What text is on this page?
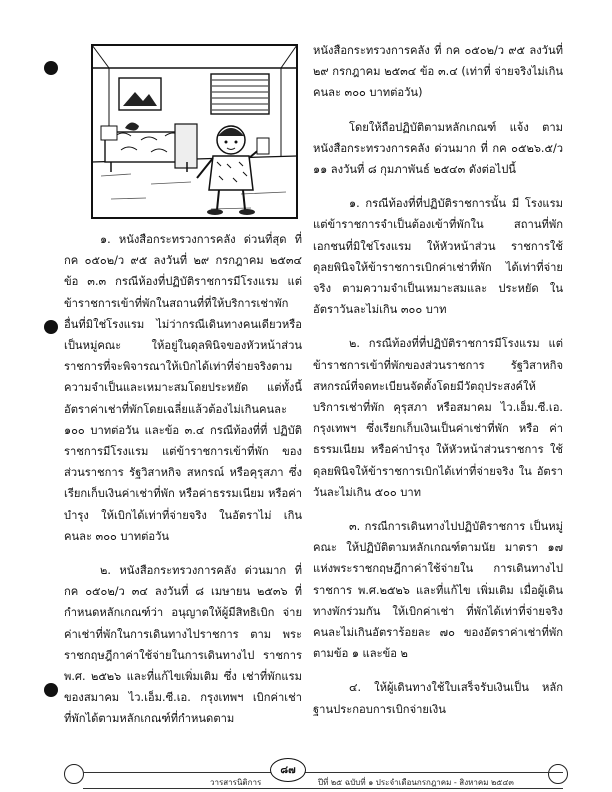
๑. หนังสือกระทรวงการคลัง ด่วนที่สุด ที่ กค ๐๕๐๒/ว ๙๕ ลงวันที่ ๒๙ กรกฎาคม ๒๕๓๔ ข้อ ๓.๓ กรณีห้องที่ปฏิบัติราชการมีโรงแรม แต่ข้าราชการเข้าที่พักในสถานที่ที่ให้บริการเช่าพัก อื่นที่มิใช่โรงแรม ไม่ว่ากรณีเดินทางคนเดียวหรือ เป็นหมู่คณะ ให้อยู่ในดุลพินิจของหัวหน้าส่วน ราชการที่จะพิจารณาให้เบิกได้เท่าที่จ่ายจริงตาม ความจำเป็นและเหมาะสมโดยประหยัด แต่ทั้งนี้ อัตราค่าเช่าที่พักโดยเฉลี่ยแล้วต้องไม่เกินคนละ ๑๐๐ บาทต่อวัน และข้อ ๓.๔ กรณีท้องที่ที่ ปฏิบัติราชการมีโรงแรม แต่ข้าราชการเข้าที่พัก ของส่วนราชการ รัฐวิสาหกิจ สหกรณ์ หรือคุรุสภา ซึ่งเรียกเก็บเงินค่าเช่าที่พัก หรือค่าธรรมเนียม หรือค่าบำรุง ให้เบิกได้เท่าที่จ่ายจริง ในอัตราไม่ เกินคนละ ๓๐๐ บาทต่อวัน

๒. หนังสือกระทรวงการคลัง ด่วนมาก ที่ กค ๐๕๐๒/ว ๓๔ ลงวันที่ ๘ เมษายน ๒๕๓๖ ที่กำหนดหลักเกณฑ์ว่า อนุญาตให้ผู้มีสิทธิเบิก จ่ายค่าเช่าที่พักในการเดินทางไปราชการ ตาม พระราชกฤษฎีกาค่าใช้จ่ายในการเดินทางไป ราชการ พ.ศ. ๒๕๒๖ และที่แก้ไขเพิ่มเติม ซึ่ง เช่าที่พักแรมของสมาคม ไว.เอ็ม.ซี.เอ. กรุงเทพฯ เบิกค่าเช่าที่พักได้ตามหลักเกณฑ์ที่กำหนดตาม

หนังสือกระทรวงการคลัง ที่ กค ๐๕๐๒/ว ๙๕ ลงวันที่ ๒๙ กรกฎาคม ๒๕๓๔ ข้อ ๓.๔ (เท่าที่ จ่ายจริงไม่เกินคนละ ๓๐๐ บาทต่อวัน)

โดยให้ถือปฏิบัติตามหลักเกณฑ์ แจ้ง ตามหนังสือกระทรวงการคลัง ด่วนมาก ที่ กค ๐๕๒๖.๕/ว ๑๑ ลงวันที่ ๘ กุมภาพันธ์ ๒๕๔๓ ดังต่อไปนี้

๑. กรณีท้องที่ที่ปฏิบัติราชการนั้น มี โรงแรม แต่ข้าราชการจำเป็นต้องเข้าที่พักใน สถานที่พักเอกชนที่มิใช่โรงแรม ให้หัวหน้าส่วน ราชการใช้ดุลยพินิจให้ข้าราชการเบิกค่าเช่าที่พัก ได้เท่าที่จ่ายจริง ตามความจำเป็นเหมาะสมและ ประหยัด ในอัตราวันละไม่เกิน ๓๐๐ บาท

๒. กรณีท้องที่ที่ปฏิบัติราชการมีโรงแรม แต่ข้าราชการเข้าที่พักของส่วนราชการ รัฐวิสาหกิจ สหกรณ์ที่จดทะเบียนจัดตั้งโดยมีวัตถุประสงค์ให้ บริการเช่าที่พัก คุรุสภา หรือสมาคม ไว.เอ็ม.ซี.เอ. กรุงเทพฯ ซึ่งเรียกเก็บเงินเป็นค่าเช่าที่พัก หรือ ค่าธรรมเนียม หรือค่าบำรุง ให้หัวหน้าส่วนราชการ ใช้ดุลยพินิจให้ข้าราชการเบิกได้เท่าที่จ่ายจริง ใน อัตราวันละไม่เกิน ๕๐๐ บาท

๓. กรณีการเดินทางไปปฏิบัติราชการ เป็นหมู่คณะ ให้ปฏิบัติตามหลักเกณฑ์ตามนัย มาตรา ๑๗ แห่งพระราชกฤษฎีกาค่าใช้จ่ายใน การเดินทางไปราชการ พ.ศ.๒๕๒๖ และที่แก้ไข เพิ่มเติม เมื่อผู้เดินทางพักร่วมกัน ให้เบิกค่าเช่า ที่พักได้เท่าที่จ่ายจริงคนละไม่เกินอัตราร้อยละ ๗๐ ของอัตราค่าเช่าที่พักตามข้อ ๑ และข้อ ๒

๔. ให้ผู้เดินทางใช้ใบเสร็จรับเงินเป็น หลักฐานประกอบการเบิกจ่ายเงิน

วารสารนิติการ	ปีที่ ๒๕ ฉบับที่ ๑ ประจำเดือนกรกฎาคม - สิงหาคม ๒๕๔๓
๘๗
